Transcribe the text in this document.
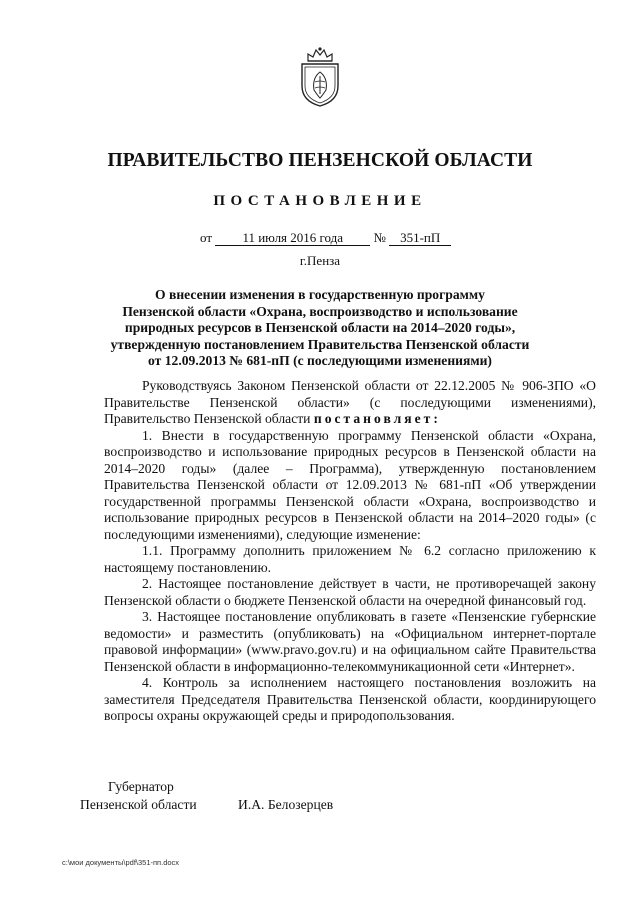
ПРАВИТЕЛЬСТВО ПЕНЗЕНСКОЙ ОБЛАСТИ
ПОСТАНОВЛЕНИЕ
от 11 июля 2016 года № 351-пП
г.Пенза
О внесении изменения в государственную программу
Пензенской области «Охрана, воспроизводство и использование
природных ресурсов в Пензенской области на 2014–2020 годы»,
утвержденную постановлением Правительства Пензенской области
от 12.09.2013 № 681-пП (с последующими изменениями)

Руководствуясь Законом Пензенской области от 22.12.2005 № 906-ЗПО «О Правительстве Пензенской области» (с последующими изменениями), Правительство Пензенской области постановляет:

1. Внести в государственную программу Пензенской области «Охрана, воспроизводство и использование природных ресурсов в Пензенской области на 2014–2020 годы» (далее – Программа), утвержденную постановлением Правительства Пензенской области от 12.09.2013 № 681-пП «Об утверждении государственной программы Пензенской области «Охрана, воспроизводство и использование природных ресурсов в Пензенской области на 2014–2020 годы» (с последующими изменениями), следующие изменение:

1.1. Программу дополнить приложением № 6.2 согласно приложению к настоящему постановлению.

2. Настоящее постановление действует в части, не противоречащей закону Пензенской области о бюджете Пензенской области на очередной финансовый год.

3. Настоящее постановление опубликовать в газете «Пензенские губернские ведомости» и разместить (опубликовать) на «Официальном интернет-портале правовой информации» (www.pravo.gov.ru) и на официальном сайте Правительства Пензенской области в информационно-телекоммуникационной сети «Интернет».

4. Контроль за исполнением настоящего постановления возложить на заместителя Председателя Правительства Пензенской области, координирующего вопросы охраны окружающей среды и природопользования.

Губернатор
Пензенской области	И.А. Белозерцев
c:\мои документы\pdf\351-пп.docx
